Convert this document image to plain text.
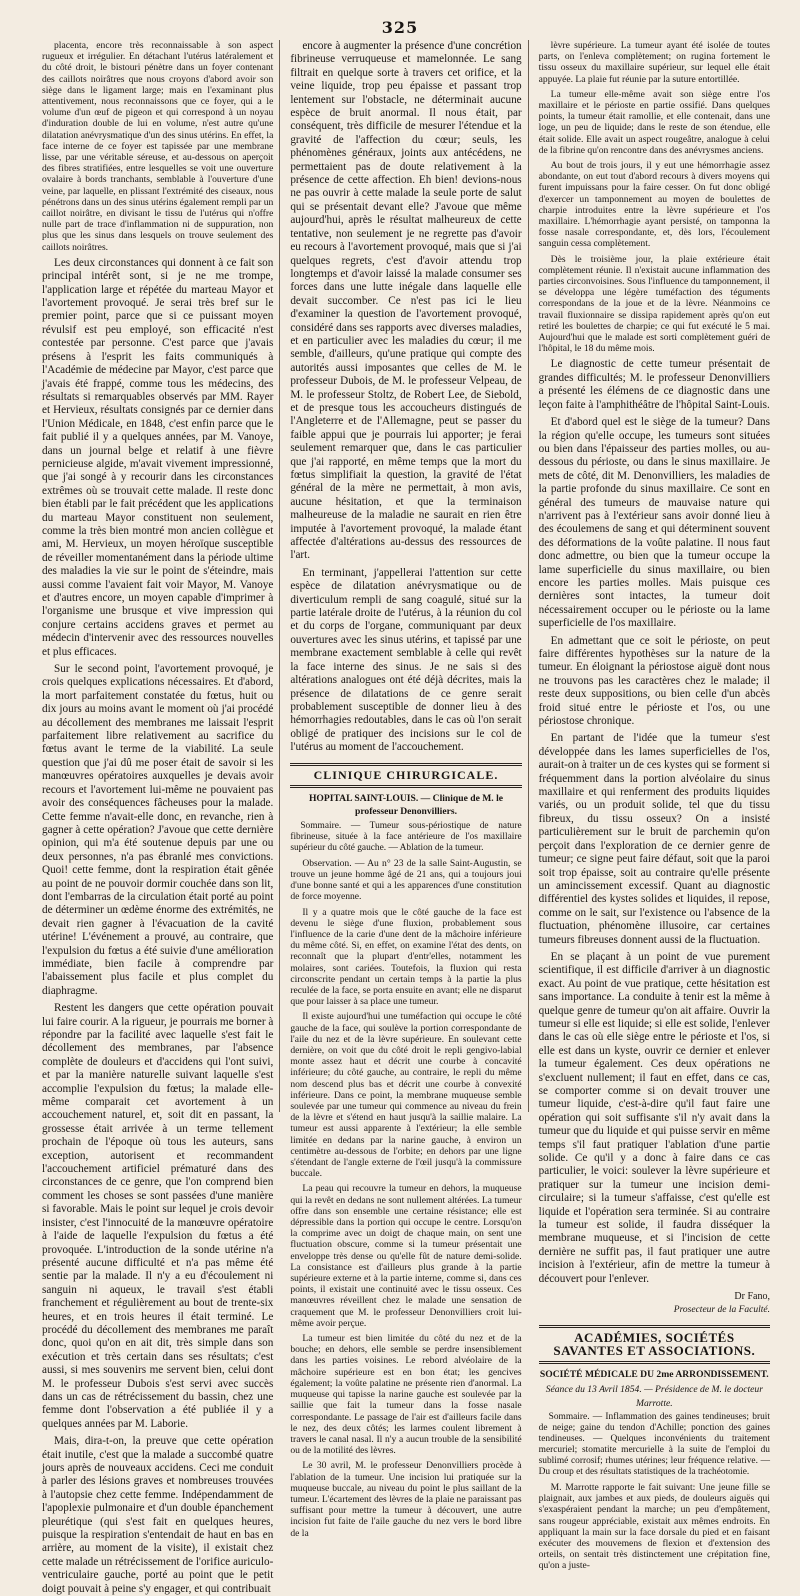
325

placenta, encore très reconnaissable à son aspect rugueux et irrégulier. En détachant l'utérus latéralement et du côté droit, le bistouri pénètre dans un foyer contenant des caillots noirâtres que nous croyons d'abord avoir son siège dans le ligament large; mais en l'examinant plus attentivement, nous reconnaissons que ce foyer, qui a le volume d'un œuf de pigeon et qui correspond à un noyau d'induration double de lui en volume, n'est autre qu'une dilatation anévrysmatique d'un des sinus utérins. En effet, la face interne de ce foyer est tapissée par une membrane lisse, par une véritable séreuse, et au-dessous on aperçoit des fibres stratifiées, entre lesquelles se voit une ouverture ovalaire à bords tranchants, semblable à l'ouverture d'une veine, par laquelle, en plissant l'extrémité des ciseaux, nous pénétrons dans un des sinus utérins également rempli par un caillot noirâtre, en divisant le tissu de l'utérus qui n'offre nulle part de trace d'inflammation ni de suppuration, non plus que les sinus dans lesquels on trouve seulement des caillots noirâtres.

Les deux circonstances qui donnent à ce fait son principal intérêt sont, si je ne me trompe, l'application large et répétée du marteau Mayor et l'avortement provoqué. Je serai très bref sur le premier point, parce que si ce puissant moyen révulsif est peu employé, son efficacité n'est contestée par personne. C'est parce que j'avais présens à l'esprit les faits communiqués à l'Académie de médecine par Mayor, c'est parce que j'avais été frappé, comme tous les médecins, des résultats si remarquables observés par MM. Rayer et Hervieux, résultats consignés par ce dernier dans l'Union Médicale, en 1848, c'est enfin parce que le fait publié il y a quelques années, par M. Vanoye, dans un journal belge et relatif à une fièvre pernicieuse algide, m'avait vivement impressionné, que j'ai songé à y recourir dans les circonstances extrêmes où se trouvait cette malade. Il reste donc bien établi par le fait précédent que les applications du marteau Mayor constituent non seulement, comme la très bien montré mon ancien collègue et ami, M. Hervieux, un moyen héroïque susceptible de réveiller momentanément dans la période ultime des maladies la vie sur le point de s'éteindre, mais aussi comme l'avaient fait voir Mayor, M. Vanoye et d'autres encore, un moyen capable d'imprimer à l'organisme une brusque et vive impression qui conjure certains accidens graves et permet au médecin d'intervenir avec des ressources nouvelles et plus efficaces.

Sur le second point, l'avortement provoqué, je crois quelques explications nécessaires. Et d'abord, la mort parfaitement constatée du fœtus, huit ou dix jours au moins avant le moment où j'ai procédé au décollement des membranes me laissait l'esprit parfaitement libre relativement au sacrifice du fœtus avant le terme de la viabilité. La seule question que j'ai dû me poser était de savoir si les manœuvres opératoires auxquelles je devais avoir recours et l'avortement lui-même ne pouvaient pas avoir des conséquences fâcheuses pour la malade. Cette femme n'avait-elle donc, en revanche, rien à gagner à cette opération? J'avoue que cette dernière opinion, qui m'a été soutenue depuis par une ou deux personnes, n'a pas ébranlé mes convictions. Quoi! cette femme, dont la respiration était gênée au point de ne pouvoir dormir couchée dans son lit, dont l'embarras de la circulation était porté au point de déterminer un œdème énorme des extrémités, ne devait rien gagner à l'évacuation de la cavité utérine! L'événement a prouvé, au contraire, que l'expulsion du fœtus a été suivie d'une amélioration immédiate, bien facile à comprendre par l'abaissement plus facile et plus complet du diaphragme.

Restent les dangers que cette opération pouvait lui faire courir. A la rigueur, je pourrais me borner à répondre par la facilité avec laquelle s'est fait le décollement des membranes, par l'absence complète de douleurs et d'accidens qui l'ont suivi, et par la manière naturelle suivant laquelle s'est accomplie l'expulsion du fœtus; la malade elle-même comparait cet avortement à un accouchement naturel, et, soit dit en passant, la grossesse était arrivée à un terme tellement prochain de l'époque où tous les auteurs, sans exception, autorisent et recommandent l'accouchement artificiel prématuré dans des circonstances de ce genre, que l'on comprend bien comment les choses se sont passées d'une manière si favorable. Mais le point sur lequel je crois devoir insister, c'est l'innocuité de la manœuvre opératoire à l'aide de laquelle l'expulsion du fœtus a été provoquée. L'introduction de la sonde utérine n'a présenté aucune difficulté et n'a pas même été sentie par la malade. Il n'y a eu d'écoulement ni sanguin ni aqueux, le travail s'est établi franchement et régulièrement au bout de trente-six heures, et en trois heures il était terminé. Le procédé du décollement des membranes me paraît donc, quoi qu'on en ait dit, très simple dans son exécution et très certain dans ses résultats; c'est aussi, si mes souvenirs me servent bien, celui dont M. le professeur Dubois s'est servi avec succès dans un cas de rétrécissement du bassin, chez une femme dont l'observation a été publiée il y a quelques années par M. Laborie.

Mais, dira-t-on, la preuve que cette opération était inutile, c'est que la malade a succombé quatre jours après de nouveaux accidens. Ceci me conduit à parler des lésions graves et nombreuses trouvées à l'autopsie chez cette femme. Indépendamment de l'apoplexie pulmonaire et d'un double épanchement pleurétique (qui s'est fait en quelques heures, puisque la respiration s'entendait de haut en bas en arrière, au moment de la visite), il existait chez cette malade un rétrécissement de l'orifice auriculo-ventriculaire gauche, porté au point que le petit doigt pouvait à peine s'y engager, et qui contribuait

encore à augmenter la présence d'une concrétion fibrineuse verruqueuse et mamelonnée. Le sang filtrait en quelque sorte à travers cet orifice, et la veine liquide, trop peu épaisse et passant trop lentement sur l'obstacle, ne déterminait aucune espèce de bruit anormal. Il nous était, par conséquent, très difficile de mesurer l'étendue et la gravité de l'affection du cœur; seuls, les phénomènes généraux, joints aux antécédens, ne permettaient pas de doute relativement à la présence de cette affection. Eh bien! devions-nous ne pas ouvrir à cette malade la seule porte de salut qui se présentait devant elle? J'avoue que même aujourd'hui, après le résultat malheureux de cette tentative, non seulement je ne regrette pas d'avoir eu recours à l'avortement provoqué, mais que si j'ai quelques regrets, c'est d'avoir attendu trop longtemps et d'avoir laissé la malade consumer ses forces dans une lutte inégale dans laquelle elle devait succomber. Ce n'est pas ici le lieu d'examiner la question de l'avortement provoqué, considéré dans ses rapports avec diverses maladies, et en particulier avec les maladies du cœur; il me semble, d'ailleurs, qu'une pratique qui compte des autorités aussi imposantes que celles de M. le professeur Dubois, de M. le professeur Velpeau, de M. le professeur Stoltz, de Robert Lee, de Siebold, et de presque tous les accoucheurs distingués de l'Angleterre et de l'Allemagne, peut se passer du faible appui que je pourrais lui apporter; je ferai seulement remarquer que, dans le cas particulier que j'ai rapporté, en même temps que la mort du fœtus simplifiait la question, la gravité de l'état général de la mère ne permettait, à mon avis, aucune hésitation, et que la terminaison malheureuse de la maladie ne saurait en rien être imputée à l'avortement provoqué, la malade étant affectée d'altérations au-dessus des ressources de l'art.

En terminant, j'appellerai l'attention sur cette espèce de dilatation anévrysmatique ou de diverticulum rempli de sang coagulé, situé sur la partie latérale droite de l'utérus, à la réunion du col et du corps de l'organe, communiquant par deux ouvertures avec les sinus utérins, et tapissé par une membrane exactement semblable à celle qui revêt la face interne des sinus. Je ne sais si des altérations analogues ont été déjà décrites, mais la présence de dilatations de ce genre serait probablement susceptible de donner lieu à des hémorrhagies redoutables, dans le cas où l'on serait obligé de pratiquer des incisions sur le col de l'utérus au moment de l'accouchement.

CLINIQUE CHIRURGICALE.
HOPITAL SAINT-LOUIS. — Clinique de M. le professeur Denonvilliers.

Sommaire. — Tumeur sous-périostique de nature fibrineuse, située à la face antérieure de l'os maxillaire supérieur du côté gauche. — Ablation de la tumeur.

Observation. — Au n° 23 de la salle Saint-Augustin, se trouve un jeune homme âgé de 21 ans, qui a toujours joui d'une bonne santé et qui a les apparences d'une constitution de force moyenne.

Il y a quatre mois que le côté gauche de la face est devenu le siège d'une fluxion, probablement sous l'influence de la carie d'une dent de la mâchoire inférieure du même côté. Si, en effet, on examine l'état des dents, on reconnaît que la plupart d'entr'elles, notamment les molaires, sont cariées. Toutefois, la fluxion qui resta circonscrite pendant un certain temps à la partie la plus reculée de la face, se porta ensuite en avant; elle ne disparut que pour laisser à sa place une tumeur.

Il existe aujourd'hui une tuméfaction qui occupe le côté gauche de la face, qui soulève la portion correspondante de l'aile du nez et de la lèvre supérieure. En soulevant cette dernière, on voit que du côté droit le repli gengivo-labial monte assez haut et décrit une courbe à concavité inférieure; du côté gauche, au contraire, le repli du même nom descend plus bas et décrit une courbe à convexité inférieure. Dans ce point, la membrane muqueuse semble soulevée par une tumeur qui commence au niveau du frein de la lèvre et s'étend en haut jusqu'à la saillie malaire. La tumeur est aussi apparente à l'extérieur; la elle semble limitée en dedans par la narine gauche, à environ un centimètre au-dessous de l'orbite; en dehors par une ligne s'étendant de l'angle externe de l'œil jusqu'à la commissure buccale.

La peau qui recouvre la tumeur en dehors, la muqueuse qui la revêt en dedans ne sont nullement altérées. La tumeur offre dans son ensemble une certaine résistance; elle est dépressible dans la portion qui occupe le centre. Lorsqu'on la comprime avec un doigt de chaque main, on sent une fluctuation obscure, comme si la tumeur présentait une enveloppe très dense ou qu'elle fût de nature demi-solide. La consistance est d'ailleurs plus grande à la partie supérieure externe et à la partie interne, comme si, dans ces points, il existait une continuité avec le tissu osseux. Ces manœuvres réveillent chez le malade une sensation de craquement que M. le professeur Denonvilliers croit lui-même avoir perçue.

La tumeur est bien limitée du côté du nez et de la bouche; en dehors, elle semble se perdre insensiblement dans les parties voisines. Le rebord alvéolaire de la mâchoire supérieure est en bon état; les gencives également; la voûte palatine ne présente rien d'anormal. La muqueuse qui tapisse la narine gauche est soulevée par la saillie que fait la tumeur dans la fosse nasale correspondante. Le passage de l'air est d'ailleurs facile dans le nez, des deux côtés; les larmes coulent librement à travers le canal nasal. Il n'y a aucun trouble de la sensibilité ou de la motilité des lèvres.

Le 30 avril, M. le professeur Denonvilliers procède à l'ablation de la tumeur. Une incision lui pratiquée sur la muqueuse buccale, au niveau du point le plus saillant de la tumeur. L'écartement des lèvres de la plaie ne paraissant pas suffisant pour mettre la tumeur à découvert, une autre incision fut faite de l'aile gauche du nez vers le bord libre de la

lèvre supérieure. La tumeur ayant été isolée de toutes parts, on l'enleva complètement; on rugina fortement le tissu osseux du maxillaire supérieur, sur lequel elle était appuyée. La plaie fut réunie par la suture entortillée.

La tumeur elle-même avait son siège entre l'os maxillaire et le périoste en partie ossifié. Dans quelques points, la tumeur était ramollie, et elle contenait, dans une loge, un peu de liquide; dans le reste de son étendue, elle était solide. Elle avait un aspect rougeâtre, analogue à celui de la fibrine qu'on rencontre dans des anévrysmes anciens.

Au bout de trois jours, il y eut une hémorrhagie assez abondante, on eut tout d'abord recours à divers moyens qui furent impuissans pour la faire cesser. On fut donc obligé d'exercer un tamponnement au moyen de boulettes de charpie introduites entre la lèvre supérieure et l'os maxillaire. L'hémorrhagie ayant persisté, on tamponna la fosse nasale correspondante, et, dès lors, l'écoulement sanguin cessa complètement.

Dès le troisième jour, la plaie extérieure était complètement réunie. Il n'existait aucune inflammation des parties circonvoisines. Sous l'influence du tamponnement, il se développa une légère tuméfaction des téguments correspondans de la joue et de la lèvre. Néanmoins ce travail fluxionnaire se dissipa rapidement après qu'on eut retiré les boulettes de charpie; ce qui fut exécuté le 5 mai. Aujourd'hui que le malade est sorti complètement guéri de l'hôpital, le 18 du même mois.

Le diagnostic de cette tumeur présentait de grandes difficultés; M. le professeur Denonvilliers a présenté les élémens de ce diagnostic dans une leçon faite à l'amphithéâtre de l'hôpital Saint-Louis.

Et d'abord quel est le siège de la tumeur? Dans la région qu'elle occupe, les tumeurs sont situées ou bien dans l'épaisseur des parties molles, ou au-dessous du périoste, ou dans le sinus maxillaire. Je mets de côté, dit M. Denonvilliers, les maladies de la partie profonde du sinus maxillaire. Ce sont en général des tumeurs de mauvaise nature qui n'arrivent pas à l'extérieur sans avoir donné lieu à des écoulemens de sang et qui déterminent souvent des déformations de la voûte palatine. Il nous faut donc admettre, ou bien que la tumeur occupe la lame superficielle du sinus maxillaire, ou bien encore les parties molles. Mais puisque ces dernières sont intactes, la tumeur doit nécessairement occuper ou le périoste ou la lame superficielle de l'os maxillaire.

En admettant que ce soit le périoste, on peut faire différentes hypothèses sur la nature de la tumeur. En éloignant la périostose aiguë dont nous ne trouvons pas les caractères chez le malade; il reste deux suppositions, ou bien celle d'un abcès froid situé entre le périoste et l'os, ou une périostose chronique.

En partant de l'idée que la tumeur s'est développée dans les lames superficielles de l'os, aurait-on à traiter un de ces kystes qui se forment si fréquemment dans la portion alvéolaire du sinus maxillaire et qui renferment des produits liquides variés, ou un produit solide, tel que du tissu fibreux, du tissu osseux? On a insisté particulièrement sur le bruit de parchemin qu'on perçoit dans l'exploration de ce dernier genre de tumeur; ce signe peut faire défaut, soit que la paroi soit trop épaisse, soit au contraire qu'elle présente un amincissement excessif. Quant au diagnostic différentiel des kystes solides et liquides, il repose, comme on le sait, sur l'existence ou l'absence de la fluctuation, phénomène illusoire, car certaines tumeurs fibreuses donnent aussi de la fluctuation.

En se plaçant à un point de vue purement scientifique, il est difficile d'arriver à un diagnostic exact. Au point de vue pratique, cette hésitation est sans importance. La conduite à tenir est la même à quelque genre de tumeur qu'on ait affaire. Ouvrir la tumeur si elle est liquide; si elle est solide, l'enlever dans le cas où elle siège entre le périoste et l'os, si elle est dans un kyste, ouvrir ce dernier et enlever la tumeur également. Ces deux opérations ne s'excluent nullement; il faut en effet, dans ce cas, se comporter comme si on devait trouver une tumeur liquide, c'est-à-dire qu'il faut faire une opération qui soit suffisante s'il n'y avait dans la tumeur que du liquide et qui puisse servir en même temps s'il faut pratiquer l'ablation d'une partie solide. Ce qu'il y a donc à faire dans ce cas particulier, le voici: soulever la lèvre supérieure et pratiquer sur la tumeur une incision demi-circulaire; si la tumeur s'affaisse, c'est qu'elle est liquide et l'opération sera terminée. Si au contraire la tumeur est solide, il faudra disséquer la membrane muqueuse, et si l'incision de cette dernière ne suffit pas, il faut pratiquer une autre incision à l'extérieur, afin de mettre la tumeur à découvert pour l'enlever.

Dr Fano,
Prosecteur de la Faculté.
ACADÉMIES, SOCIÉTÉS SAVANTES ET ASSOCIATIONS.
SOCIÉTÉ MÉDICALE DU 2me ARRONDISSEMENT.
Séance du 13 Avril 1854. — Présidence de M. le docteur Marrotte.

Sommaire. — Inflammation des gaines tendineuses; bruit de neige; gaine du tendon d'Achille; ponction des gaines tendineuses. — Quelques inconvénients du traitement mercuriel; stomatite mercurielle à la suite de l'emploi du sublimé corrosif; rhumes utérines; leur fréquence relative. — Du croup et des résultats statistiques de la trachéotomie.

M. Marrotte rapporte le fait suivant: Une jeune fille se plaignait, aux jambes et aux pieds, de douleurs aiguës qui s'exaspéraient pendant la marche; un peu d'empâtement, sans rougeur appréciable, existait aux mêmes endroits. En appliquant la main sur la face dorsale du pied et en faisant exécuter des mouvemens de flexion et d'extension des orteils, on sentait très distinctement une crépitation fine, qu'on a juste-
